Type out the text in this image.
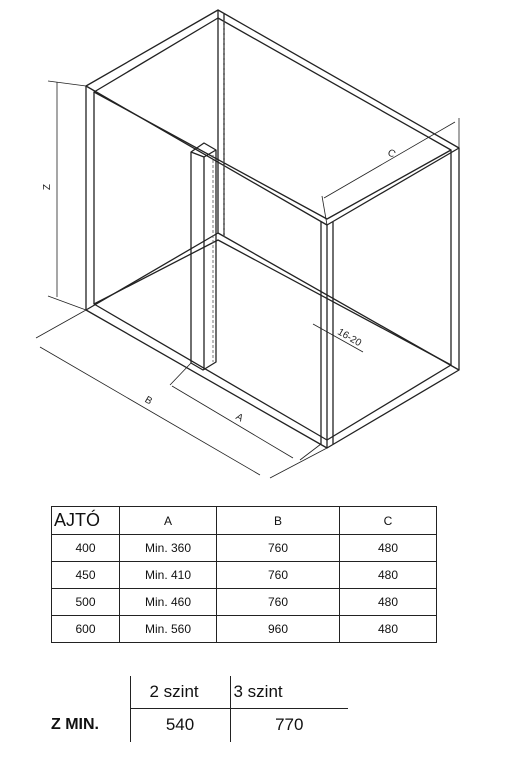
Z
C
B
A
16-20
AJTÓ	A	B	C
400	Min. 360	760	480
450	Min. 410	760	480
500	Min. 460	760	480
600	Min. 560	960	480
	2 szint	3 szint
Z MIN.	540	770
